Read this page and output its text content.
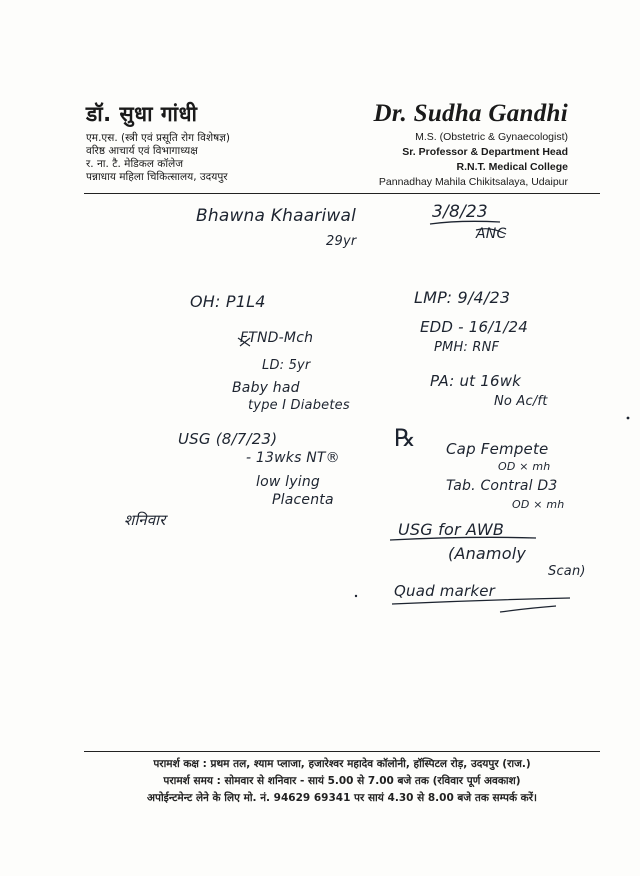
डॉ. सुधा गांधी
एम.एस. (स्त्री एवं प्रसूति रोग विशेषज्ञ)
वरिष्ठ आचार्य एवं विभागाध्यक्ष
र. ना. टै. मेडिकल कॉलेज
पन्नाधाय महिला चिकित्सालय, उदयपुर
Dr. Sudha Gandhi
M.S. (Obstetric & Gynaecologist)
Sr. Professor & Department Head
R.N.T. Medical College
Pannadhay Mahila Chikitsalaya, Udaipur
Bhawna Khaariwal
29yr
3/8/23
ANC
OH: P1L4
FTND-Mch
LD: 5yr
Baby had
type I Diabetes
USG (8/7/23)
- 13wks NT®
low lying
Placenta
शनिवार
LMP: 9/4/23
EDD - 16/1/24
PMH: RNF
PA: ut 16wk
No Ac/ft
℞ Cap Fempete
OD × mh
Tab. Contral D3
OD × mh
USG for AWB
(Anamoly
Scan)
Quad marker
परामर्श कक्ष : प्रथम तल, श्याम प्लाजा, हजारेश्वर महादेव कॉलोनी, हॉस्पिटल रोड़, उदयपुर (राज.)
परामर्श समय : सोमवार से शनिवार - सायं 5.00 से 7.00 बजे तक (रविवार पूर्ण अवकाश)
अपोईन्टमेन्ट लेने के लिए मो. नं. 94629 69341 पर सायं 4.30 से 8.00 बजे तक सम्पर्क करें।
